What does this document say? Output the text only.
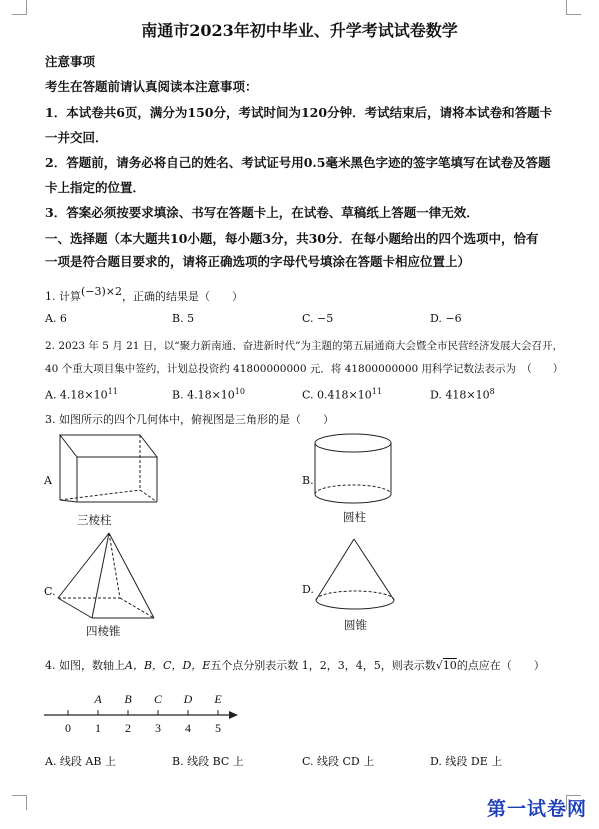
南通市2023年初中毕业、升学考试试卷数学
注意事项
考生在答题前请认真阅读本注意事项：
1．本试卷共6页，满分为150分，考试时间为120分钟．考试结束后，请将本试卷和答题卡
一并交回．
2．答题前，请务必将自己的姓名、考试证号用0.5毫米黑色字迹的签字笔填写在试卷及答题
卡上指定的位置．
3．答案必须按要求填涂、书写在答题卡上，在试卷、草稿纸上答题一律无效．
一、选择题（本大题共10小题，每小题3分，共30分．在每小题给出的四个选项中，恰有
一项是符合题目要求的，请将正确选项的字母代号填涂在答题卡相应位置上）
1. 计算(−3)×2，正确的结果是（　　）
A. 6	B. 5	C. −5	D. −6
2. 2023 年 5 月 21 日，以“聚力新南通、奋进新时代”为主题的第五届通商大会暨全市民营经济发展大会召开，
40 个重大项目集中签约，计划总投资约 41800000000 元．将 41800000000 用科学记数法表示为　（　　）
A. $4.18\times 10^{11}$	B. $4.18\times 10^{10}$	C. $0.418\times 10^{11}$	D. $418\times 10^8$
3. 如图所示的四个几何体中，俯视图是三角形的是（　　）
A
三棱柱
B.
圆柱
C.
四棱锥
D.
圆锥
4. 如图，数轴上A，B，C，D，E五个点分别表示数 1，2，3，4，5，则表示数√10的点应在（　　）
A B C D E
0 1 2 3 4 5
A. 线段 AB 上	B. 线段 BC 上	C. 线段 CD 上	D. 线段 DE 上
第一试卷网
